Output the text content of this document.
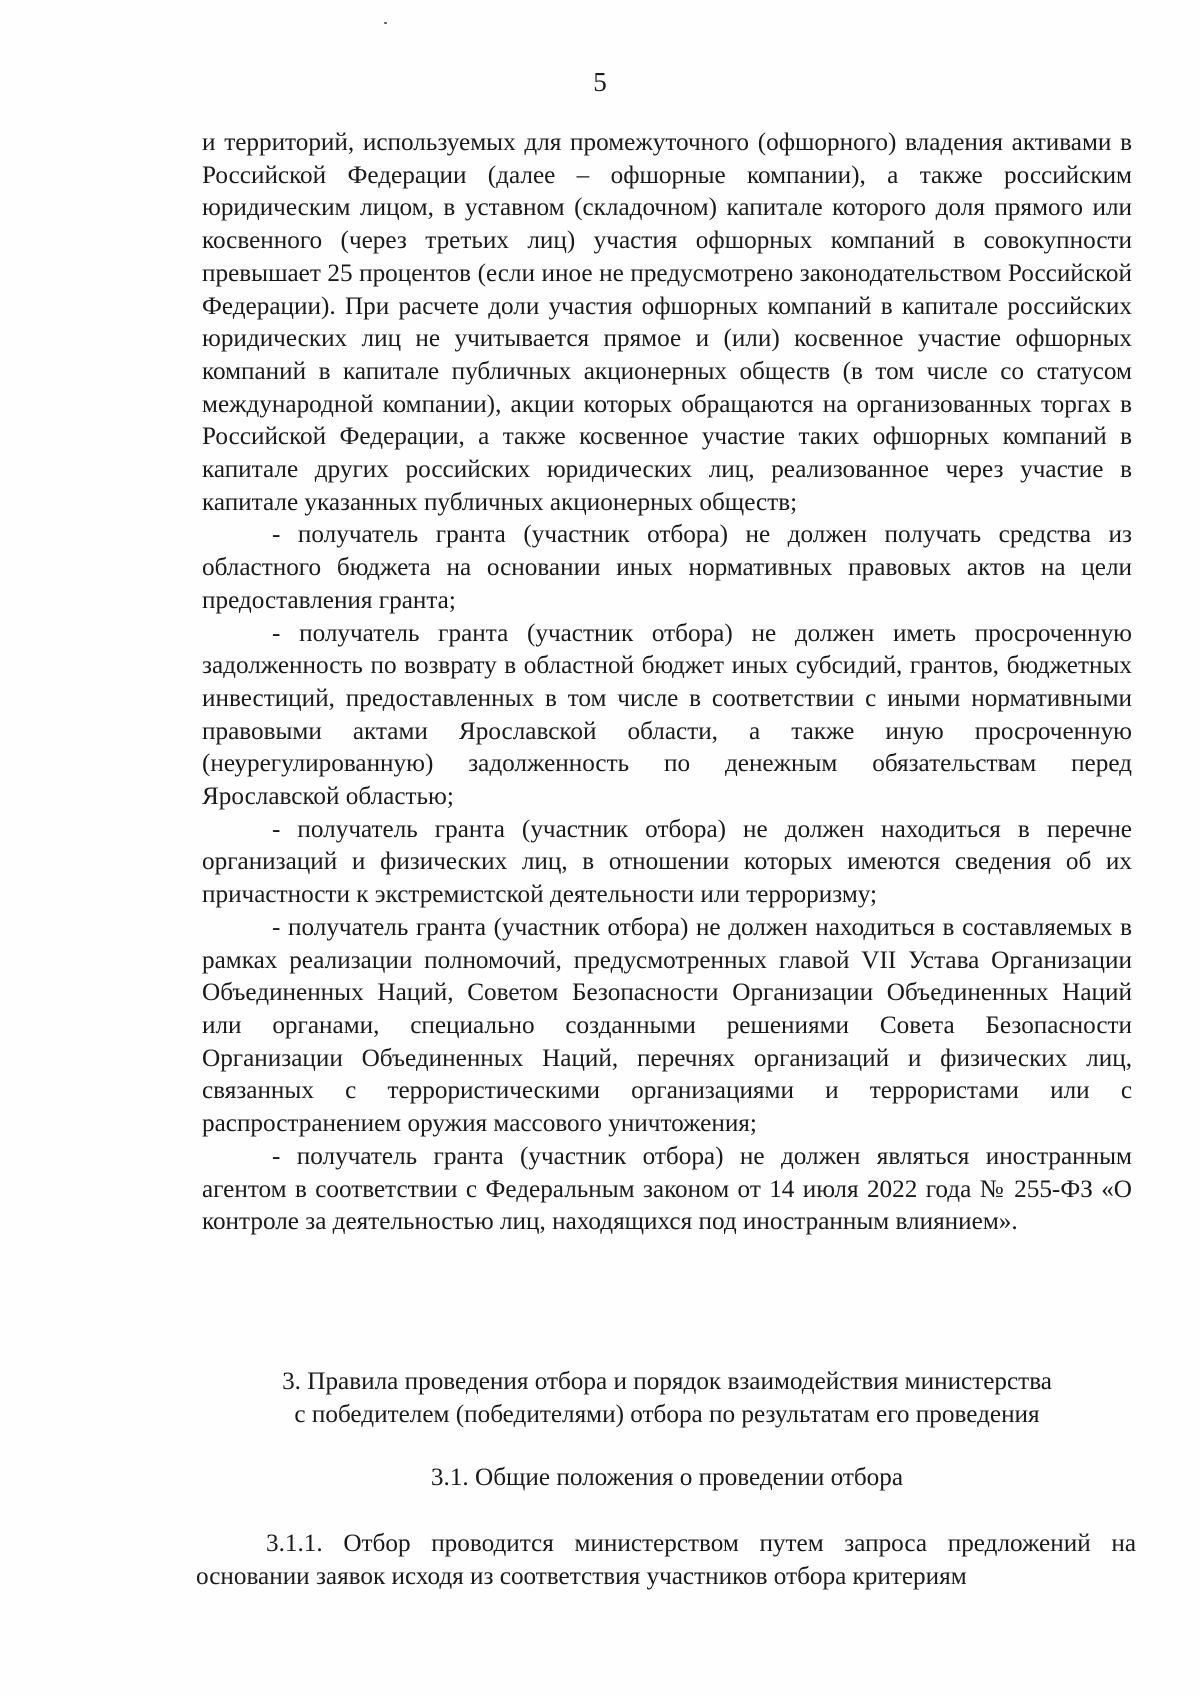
5

и территорий, используемых для промежуточного (офшорного) владения активами в Российской Федерации (далее – офшорные компании), а также российским юридическим лицом, в уставном (складочном) капитале которого доля прямого или косвенного (через третьих лиц) участия офшорных компаний в совокупности превышает 25 процентов (если иное не предусмотрено законодательством Российской Федерации). При расчете доли участия офшорных компаний в капитале российских юридических лиц не учитывается прямое и (или) косвенное участие офшорных компаний в капитале публичных акционерных обществ (в том числе со статусом международной компании), акции которых обращаются на организованных торгах в Российской Федерации, а также косвенное участие таких офшорных компаний в капитале других российских юридических лиц, реализованное через участие в капитале указанных публичных акционерных обществ;

- получатель гранта (участник отбора) не должен получать средства из областного бюджета на основании иных нормативных правовых актов на цели предоставления гранта;

- получатель гранта (участник отбора) не должен иметь просроченную задолженность по возврату в областной бюджет иных субсидий, грантов, бюджетных инвестиций, предоставленных в том числе в соответствии с иными нормативными правовыми актами Ярославской области, а также иную просроченную (неурегулированную) задолженность по денежным обязательствам перед Ярославской областью;

- получатель гранта (участник отбора) не должен находиться в перечне организаций и физических лиц, в отношении которых имеются сведения об их причастности к экстремистской деятельности или терроризму;

- получатель гранта (участник отбора) не должен находиться в составляемых в рамках реализации полномочий, предусмотренных главой VII Устава Организации Объединенных Наций, Советом Безопасности Организации Объединенных Наций или органами, специально созданными решениями Совета Безопасности Организации Объединенных Наций, перечнях организаций и физических лиц, связанных с террористическими организациями и террористами или с распространением оружия массового уничтожения;

- получатель гранта (участник отбора) не должен являться иностранным агентом в соответствии с Федеральным законом от 14 июля 2022 года № 255-ФЗ «О контроле за деятельностью лиц, находящихся под иностранным влиянием».

3. Правила проведения отбора и порядок взаимодействия министерства

с победителем (победителями) отбора по результатам его проведения

3.1. Общие положения о проведении отбора

3.1.1. Отбор проводится министерством путем запроса предложений на основании заявок исходя из соответствия участников отбора критериям
